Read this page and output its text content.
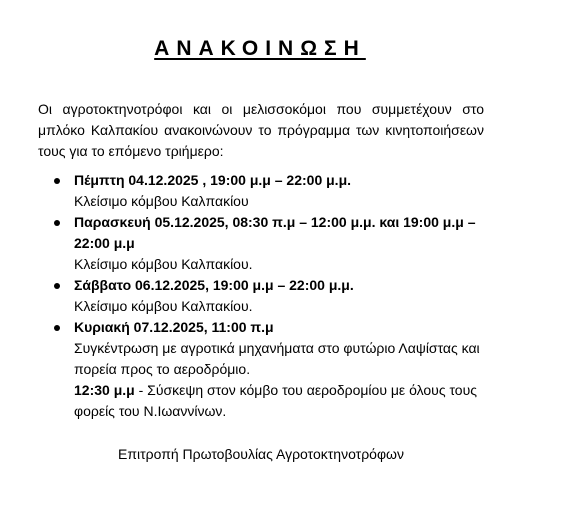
ΑΝΑΚΟΙΝΩΣΗ
Οι αγροτοκτηνοτρόφοι και οι μελισσοκόμοι που συμμετέχουν στο μπλόκο Καλπακίου ανακοινώνουν το πρόγραμμα των κινητοποιήσεων τους για το επόμενο τριήμερο:
Πέμπτη 04.12.2025 , 19:00 μ.μ – 22:00 μ.μ.
Κλείσιμο κόμβου Καλπακίου
Παρασκευή 05.12.2025, 08:30 π.μ – 12:00 μ.μ. και 19:00 μ.μ – 22:00 μ.μ
Κλείσιμο κόμβου Καλπακίου.
Σάββατο 06.12.2025, 19:00 μ.μ – 22:00 μ.μ.
Κλείσιμο κόμβου Καλπακίου.
Κυριακή 07.12.2025, 11:00 π.μ
Συγκέντρωση με αγροτικά μηχανήματα στο φυτώριο Λαψίστας και πορεία προς το αεροδρόμιο.
12:30 μ.μ - Σύσκεψη στον κόμβο του αεροδρομίου με όλους τους φορείς του Ν.Ιωαννίνων.
Επιτροπή Πρωτοβουλίας Αγροτοκτηνοτρόφων
